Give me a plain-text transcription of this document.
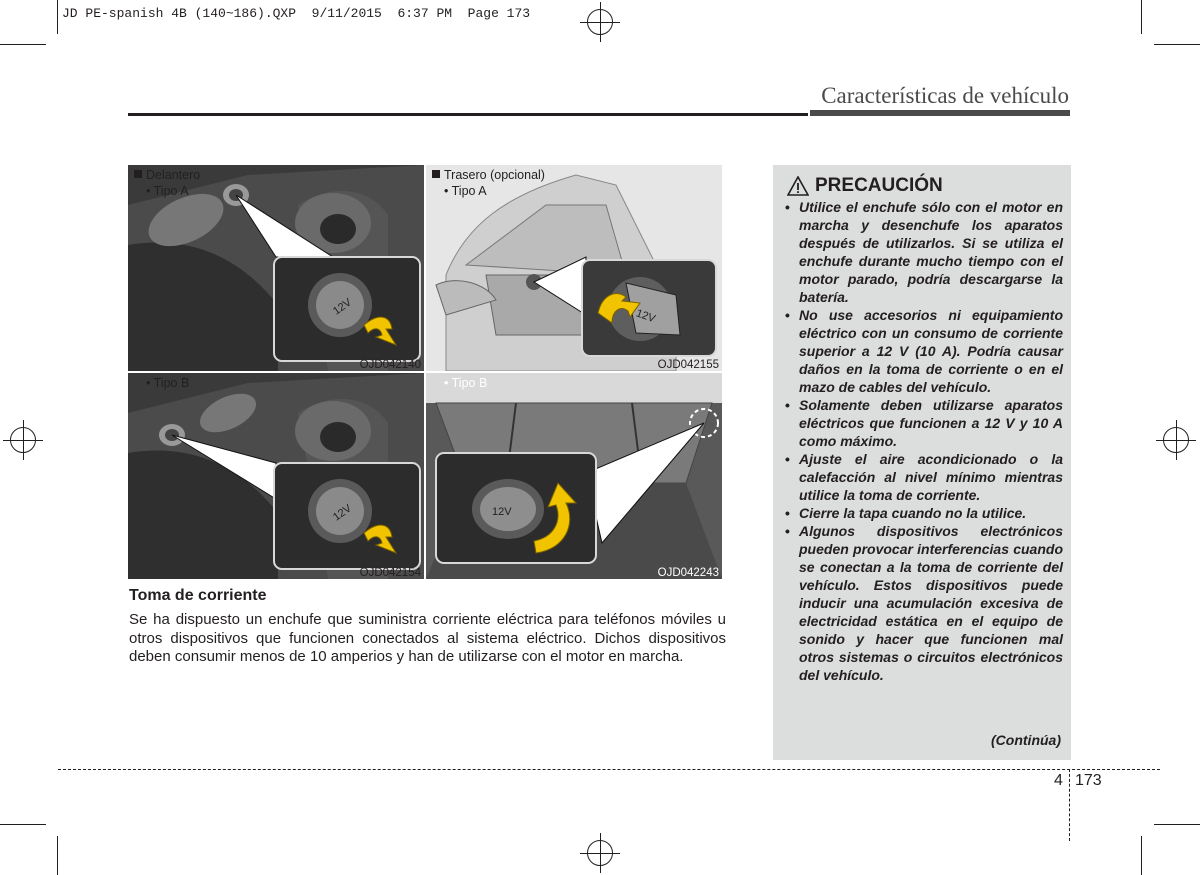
JD PE-spanish 4B (140~186).QXP  9/11/2015  6:37 PM  Page 173
Características de vehículo
12V
Delantero
• Tipo A
OJD042140
12V
Trasero (opcional)
• Tipo A
OJD042155
12V
• Tipo B
OJD042154
12V
• Tipo B
OJD042243
Toma de corriente
Se ha dispuesto un enchufe que suministra corriente eléctrica para teléfonos móviles u otros dispositivos que funcionen conectados al sistema eléctrico. Dichos dispositivos deben consumir menos de 10 amperios y han de utilizarse con el motor en marcha.
PRECAUCIÓN
• Utilice el enchufe sólo con el motor en marcha y desenchufe los aparatos después de utilizarlos. Si se utiliza el enchufe durante mucho tiempo con el motor parado, podría descargarse la batería.
• No use accesorios ni equipamiento eléctrico con un consumo de corriente superior a 12 V (10 A). Podría causar daños en la toma de corriente o en el mazo de cables del vehículo.
• Solamente deben utilizarse aparatos eléctricos que funcionen a 12 V y 10 A como máximo.
• Ajuste el aire acondicionado o la calefacción al nivel mínimo mientras utilice la toma de corriente.
• Cierre la tapa cuando no la utilice.
• Algunos dispositivos electrónicos pueden provocar interferencias cuando se conectan a la toma de corriente del vehículo. Estos dispositivos puede inducir una acumulación excesiva de electricidad estática en el equipo de sonido y hacer que funcionen mal otros sistemas o circuitos electrónicos del vehículo.
(Continúa)
4 173
